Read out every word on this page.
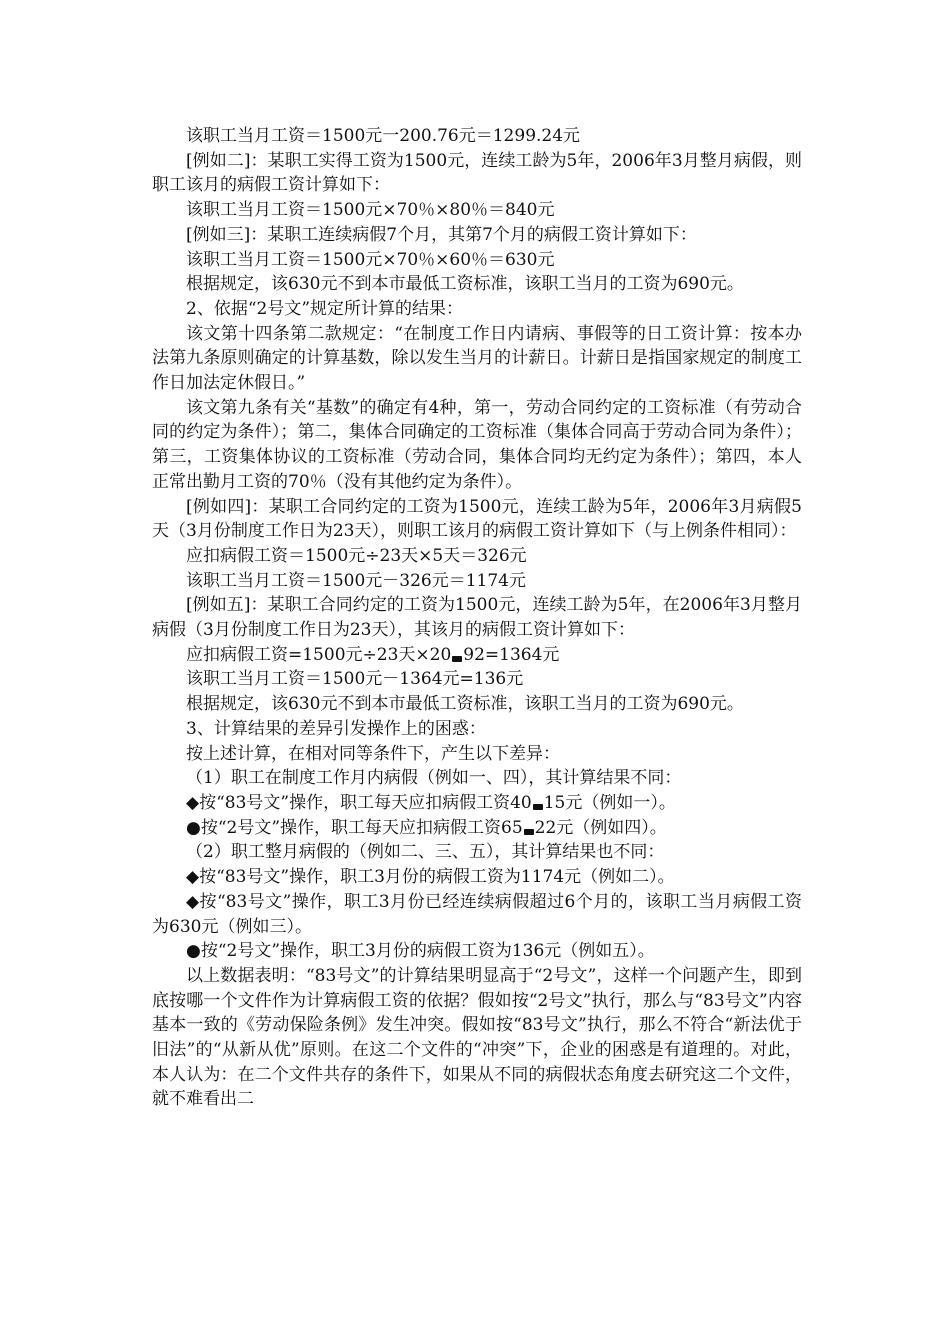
该职工当月工资＝1500元一200.76元＝1299.24元

[例如二]：某职工实得工资为1500元，连续工龄为5年，2006年3月整月病假，则职工该月的病假工资计算如下：

该职工当月工资＝1500元×70％×80％＝840元

[例如三]：某职工连续病假7个月，其第7个月的病假工资计算如下：

该职工当月工资＝1500元×70％×60％＝630元

根据规定，该630元不到本市最低工资标准，该职工当月的工资为690元。

2、依据“2号文”规定所计算的结果：

该文第十四条第二款规定：“在制度工作日内请病、事假等的日工资计算：按本办法第九条原则确定的计算基数，除以发生当月的计薪日。计薪日是指国家规定的制度工作日加法定休假日。”

该文第九条有关“基数”的确定有4种，第一，劳动合同约定的工资标准（有劳动合同的约定为条件）；第二，集体合同确定的工资标准（集体合同高于劳动合同为条件）；第三，工资集体协议的工资标准（劳动合同，集体合同均无约定为条件）；第四，本人正常出勤月工资的70％（没有其他约定为条件）。

[例如四]：某职工合同约定的工资为1500元，连续工龄为5年，2006年3月病假5天（3月份制度工作日为23天），则职工该月的病假工资计算如下（与上例条件相同）：

应扣病假工资＝1500元÷23天×5天＝326元

该职工当月工资＝1500元－326元＝1174元

[例如五]：某职工合同约定的工资为1500元，连续工龄为5年，在2006年3月整月病假（3月份制度工作日为23天），其该月的病假工资计算如下：

应扣病假工资=1500元÷23天×20 92=1364元

该职工当月工资＝1500元－1364元=136元

根据规定，该630元不到本市最低工资标准，该职工当月的工资为690元。

3、计算结果的差异引发操作上的困惑：

按上述计算，在相对同等条件下，产生以下差异：

（1）职工在制度工作月内病假（例如一、四），其计算结果不同：

◆按“83号文”操作，职工每天应扣病假工资40 15元（例如一）。

●按“2号文”操作，职工每天应扣病假工资65 22元（例如四）。

（2）职工整月病假的（例如二、三、五），其计算结果也不同：

◆按“83号文”操作，职工3月份的病假工资为1174元（例如二）。

◆按“83号文”操作，职工3月份已经连续病假超过6个月的，该职工当月病假工资为630元（例如三）。

●按“2号文”操作，职工3月份的病假工资为136元（例如五）。

以上数据表明：“83号文”的计算结果明显高于“2号文”，这样一个问题产生，即到底按哪一个文件作为计算病假工资的依据？假如按“2号文”执行，那么与“83号文”内容基本一致的《劳动保险条例》发生冲突。假如按“83号文”执行，那么不符合“新法优于旧法”的“从新从优”原则。在这二个文件的“冲突”下，企业的困惑是有道理的。对此，本人认为：在二个文件共存的条件下，如果从不同的病假状态角度去研究这二个文件，就不难看出二
